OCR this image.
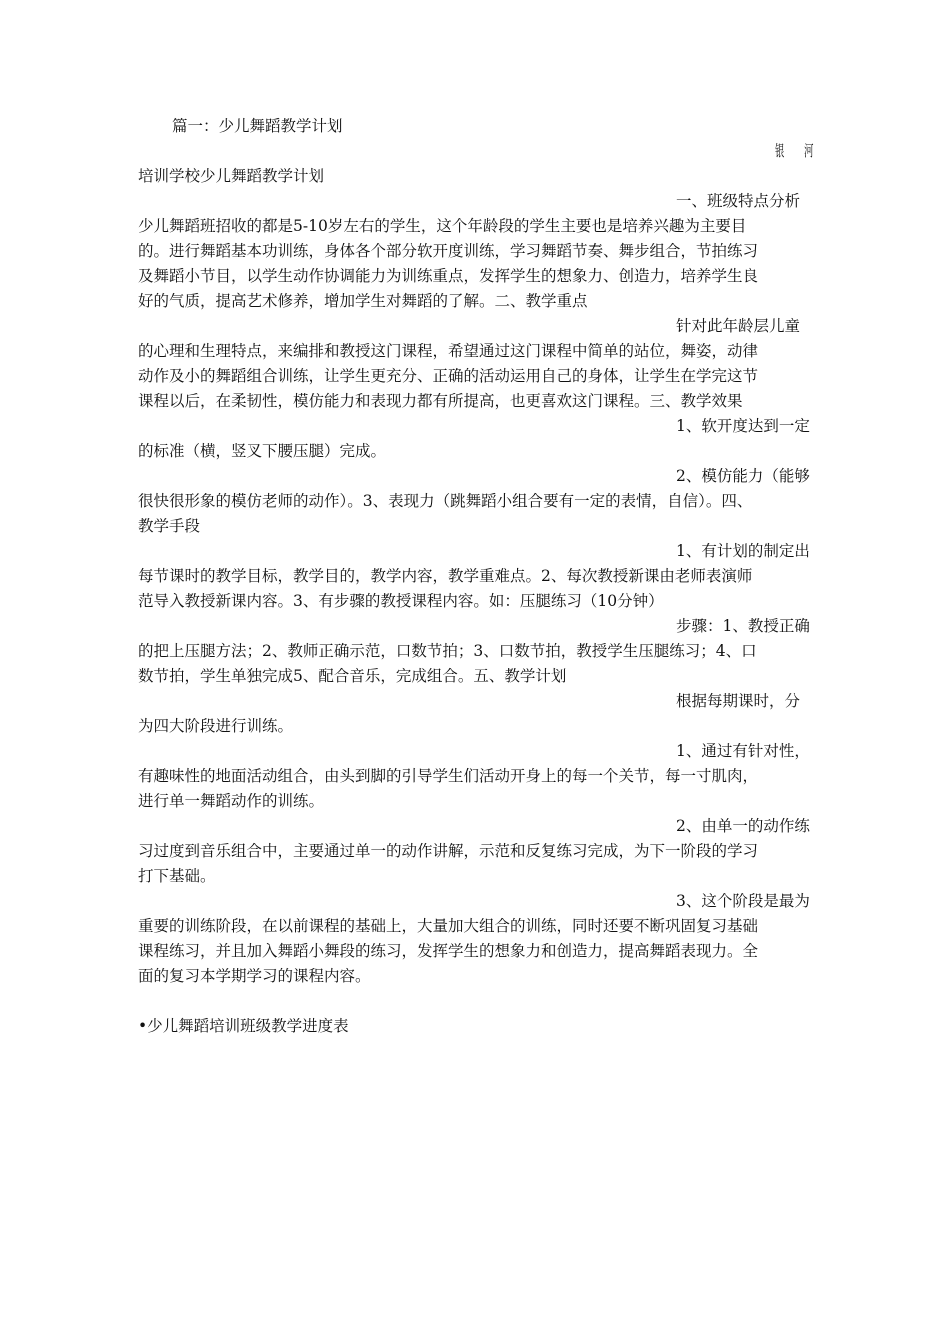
篇一：少儿舞蹈教学计划
银 河
培训学校少儿舞蹈教学计划
一、班级特点分析
少儿舞蹈班招收的都是5-10岁左右的学生，这个年龄段的学生主要也是培养兴趣为主要目
的。进行舞蹈基本功训练，身体各个部分软开度训练，学习舞蹈节奏、舞步组合，节拍练习
及舞蹈小节目，以学生动作协调能力为训练重点，发挥学生的想象力、创造力，培养学生良
好的气质，提高艺术修养，增加学生对舞蹈的了解。二、教学重点
针对此年龄层儿童
的心理和生理特点，来编排和教授这门课程，希望通过这门课程中简单的站位，舞姿，动律
动作及小的舞蹈组合训练，让学生更充分、正确的活动运用自己的身体，让学生在学完这节
课程以后，在柔韧性，模仿能力和表现力都有所提高，也更喜欢这门课程。三、教学效果
1、软开度达到一定
的标准（横，竖叉下腰压腿）完成。
2、模仿能力（能够
很快很形象的模仿老师的动作）。3、表现力（跳舞蹈小组合要有一定的表情，自信）。四、
教学手段
1、有计划的制定出
每节课时的教学目标，教学目的，教学内容，教学重难点。2、每次教授新课由老师表演师
范导入教授新课内容。3、有步骤的教授课程内容。如：压腿练习（10分钟）
步骤：1、教授正确
的把上压腿方法；2、教师正确示范，口数节拍；3、口数节拍，教授学生压腿练习；4、口
数节拍，学生单独完成5、配合音乐，完成组合。五、教学计划
根据每期课时，分
为四大阶段进行训练。
1、通过有针对性，
有趣味性的地面活动组合，由头到脚的引导学生们活动开身上的每一个关节，每一寸肌肉，
进行单一舞蹈动作的训练。
2、由单一的动作练
习过度到音乐组合中，主要通过单一的动作讲解，示范和反复练习完成，为下一阶段的学习
打下基础。
3、这个阶段是最为
重要的训练阶段，在以前课程的基础上，大量加大组合的训练，同时还要不断巩固复习基础
课程练习，并且加入舞蹈小舞段的练习，发挥学生的想象力和创造力，提高舞蹈表现力。全
面的复习本学期学习的课程内容。
•少儿舞蹈培训班级教学进度表
